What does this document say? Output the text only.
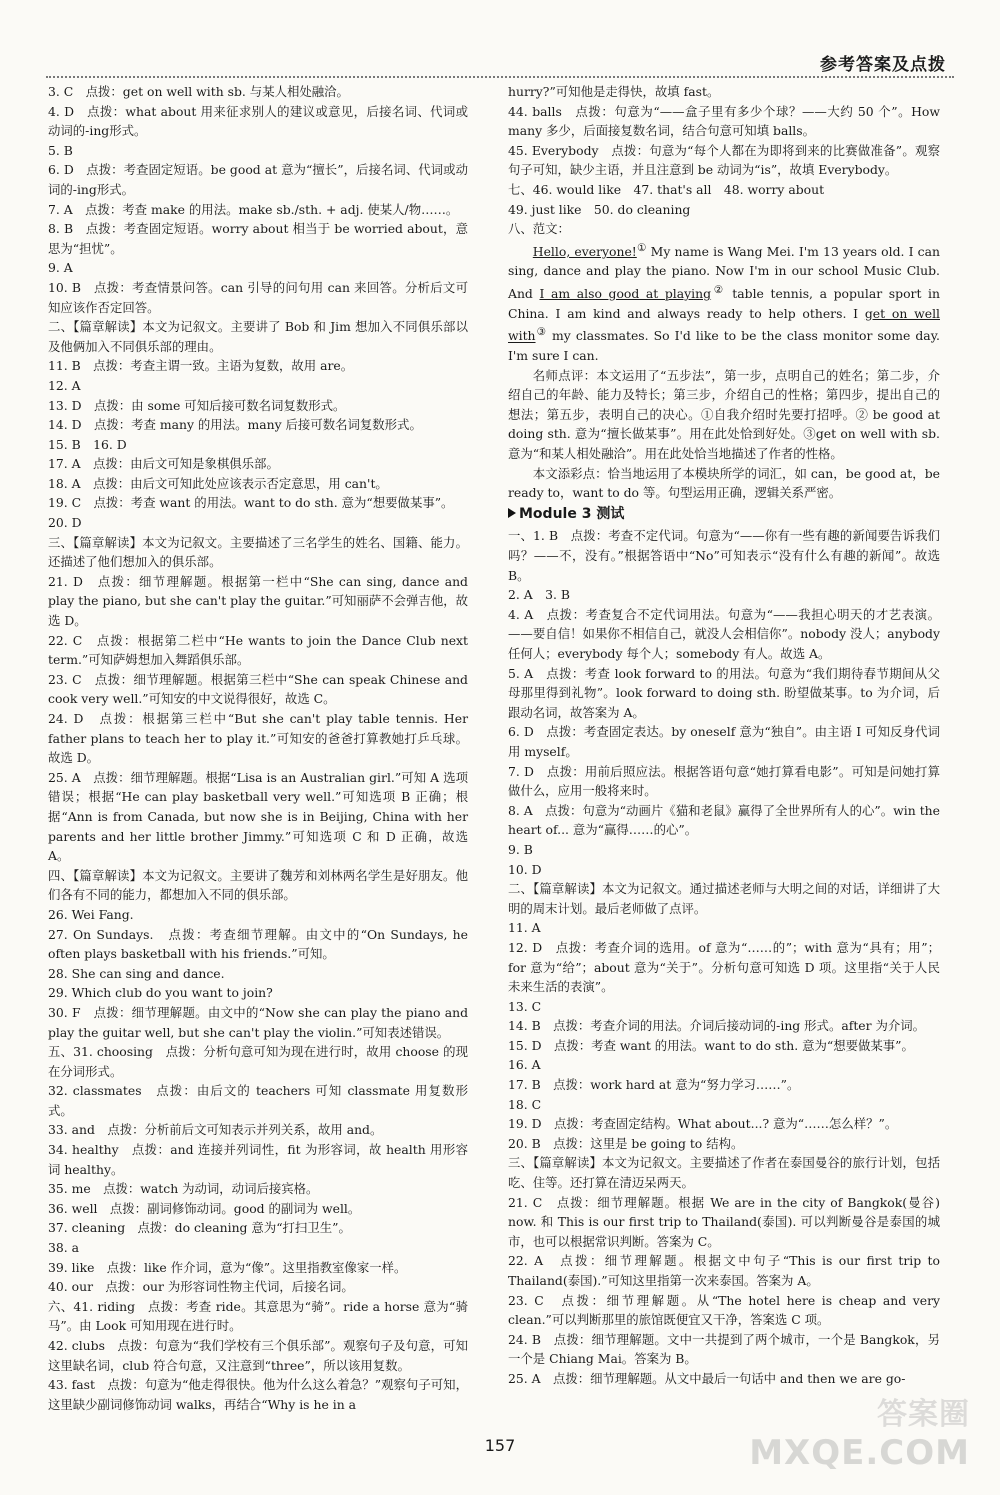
参考答案及点拨

3. C　点拨：get on well with sb. 与某人相处融洽。

4. D　点拨：what about 用来征求别人的建议或意见，后接名词、代词或动词的-ing形式。

5. B

6. D　点拨：考查固定短语。be good at 意为“擅长”，后接名词、代词或动词的-ing形式。

7. A　点拨：考查 make 的用法。make sb./sth. + adj. 使某人/物……。

8. B　点拨：考查固定短语。worry about 相当于 be worried about，意思为“担忧”。

9. A

10. B　点拨：考查情景问答。can 引导的问句用 can 来回答。分析后文可知应该作否定回答。

二、【篇章解读】本文为记叙文。主要讲了 Bob 和 Jim 想加入不同俱乐部以及他俩加入不同俱乐部的理由。

11. B　点拨：考查主谓一致。主语为复数，故用 are。

12. A

13. D　点拨：由 some 可知后接可数名词复数形式。

14. D　点拨：考查 many 的用法。many 后接可数名词复数形式。

15. B　16. D

17. A　点拨：由后文可知是象棋俱乐部。

18. A　点拨：由后文可知此处应该表示否定意思，用 can't。

19. C　点拨：考查 want 的用法。want to do sth. 意为“想要做某事”。

20. D

三、【篇章解读】本文为记叙文。主要描述了三名学生的姓名、国籍、能力。还描述了他们想加入的俱乐部。

21. D　点拨：细节理解题。根据第一栏中“She can sing, dance and play the piano, but she can't play the guitar.”可知丽萨不会弹吉他，故选 D。

22. C　点拨：根据第二栏中“He wants to join the Dance Club next term.”可知萨姆想加入舞蹈俱乐部。

23. C　点拨：细节理解题。根据第三栏中“She can speak Chinese and cook very well.”可知安的中文说得很好，故选 C。

24. D　点拨：根据第三栏中“But she can't play table tennis. Her father plans to teach her to play it.”可知安的爸爸打算教她打乒乓球。故选 D。

25. A　点拨：细节理解题。根据“Lisa is an Australian girl.”可知 A 选项错误；根据“He can play basketball very well.”可知选项 B 正确；根据“Ann is from Canada, but now she is in Beijing, China with her parents and her little brother Jimmy.”可知选项 C 和 D 正确，故选 A。

四、【篇章解读】本文为记叙文。主要讲了魏芳和刘林两名学生是好朋友。他们各有不同的能力，都想加入不同的俱乐部。

26. Wei Fang.

27. On Sundays.　点拨：考查细节理解。由文中的“On Sundays, he often plays basketball with his friends.”可知。

28. She can sing and dance.

29. Which club do you want to join?

30. F　点拨：细节理解题。由文中的“Now she can play the piano and play the guitar well, but she can't play the violin.”可知表述错误。

五、31. choosing　点拨：分析句意可知为现在进行时，故用 choose 的现在分词形式。

32. classmates　点拨：由后文的 teachers 可知 classmate 用复数形式。

33. and　点拨：分析前后文可知表示并列关系，故用 and。

34. healthy　点拨：and 连接并列词性，fit 为形容词，故 health 用形容词 healthy。

35. me　点拨：watch 为动词，动词后接宾格。

36. well　点拨：副词修饰动词。good 的副词为 well。

37. cleaning　点拨：do cleaning 意为“打扫卫生”。

38. a

39. like　点拨：like 作介词，意为“像”。这里指教室像家一样。

40. our　点拨：our 为形容词性物主代词，后接名词。

六、41. riding　点拨：考查 ride。其意思为“骑”。ride a horse 意为“骑马”。由 Look 可知用现在进行时。

42. clubs　点拨：句意为“我们学校有三个俱乐部”。观察句子及句意，可知这里缺名词，club 符合句意，又注意到“three”，所以该用复数。

43. fast　点拨：句意为“他走得很快。他为什么这么着急？”观察句子可知，这里缺少副词修饰动词 walks，再结合“Why is he in a

hurry?”可知他是走得快，故填 fast。

44. balls　点拨：句意为“——盒子里有多少个球？——大约 50 个”。How many 多少，后面接复数名词，结合句意可知填 balls。

45. Everybody　点拨：句意为“每个人都在为即将到来的比赛做准备”。观察句子可知，缺少主语，并且注意到 be 动词为“is”，故填 Everybody。

七、46. would like　47. that's all　48. worry about

49. just like　50. do cleaning

八、范文：

Hello, everyone!① My name is Wang Mei. I'm 13 years old. I can sing, dance and play the piano. Now I'm in our school Music Club. And I am also good at playing② table tennis, a popular sport in China. I am kind and always ready to help others. I get on well with③ my classmates. So I'd like to be the class monitor some day. I'm sure I can.

名师点评：本文运用了“五步法”，第一步，点明自己的姓名；第二步，介绍自己的年龄、能力及特长；第三步，介绍自己的性格；第四步，提出自己的想法；第五步，表明自己的决心。①自我介绍时先要打招呼。② be good at doing sth. 意为“擅长做某事”。用在此处恰到好处。③get on well with sb. 意为“和某人相处融洽”。用在此处恰当地描述了作者的性格。

本文添彩点：恰当地运用了本模块所学的词汇，如 can，be good at，be ready to，want to do 等。句型运用正确，逻辑关系严密。

Module 3 测试

一、1. B　点拨：考查不定代词。句意为“——你有一些有趣的新闻要告诉我们吗？——不，没有。”根据答语中“No”可知表示“没有什么有趣的新闻”。故选 B。

2. A　3. B

4. A　点拨：考查复合不定代词用法。句意为“——我担心明天的才艺表演。——要自信！如果你不相信自己，就没人会相信你”。nobody 没人；anybody 任何人；everybody 每个人；somebody 有人。故选 A。

5. A　点拨：考查 look forward to 的用法。句意为“我们期待春节期间从父母那里得到礼物”。look forward to doing sth. 盼望做某事。to 为介词，后跟动名词，故答案为 A。

6. D　点拨：考查固定表达。by oneself 意为“独自”。由主语 I 可知反身代词用 myself。

7. D　点拨：用前后照应法。根据答语句意“她打算看电影”。可知是问她打算做什么，应用一般将来时。

8. A　点拨：句意为“动画片《猫和老鼠》赢得了全世界所有人的心”。win the heart of... 意为“赢得……的心”。

9. B

10. D

二、【篇章解读】本文为记叙文。通过描述老师与大明之间的对话，详细讲了大明的周末计划。最后老师做了点评。

11. A

12. D　点拨：考查介词的选用。of 意为“……的”；with 意为“具有；用”；for 意为“给”；about 意为“关于”。分析句意可知选 D 项。这里指“关于人民未来生活的表演”。

13. C

14. B　点拨：考查介词的用法。介词后接动词的-ing 形式。after 为介词。

15. D　点拨：考查 want 的用法。want to do sth. 意为“想要做某事”。

16. A

17. B　点拨：work hard at 意为“努力学习……”。

18. C

19. D　点拨：考查固定结构。What about...? 意为“……怎么样？”。

20. B　点拨：这里是 be going to 结构。

三、【篇章解读】本文为记叙文。主要描述了作者在泰国曼谷的旅行计划，包括吃、住等。还打算在清迈呆两天。

21. C　点拨：细节理解题。根据 We are in the city of Bangkok(曼谷) now. 和 This is our first trip to Thailand(泰国). 可以判断曼谷是泰国的城市，也可以根据常识判断。答案为 C。

22. A　点拨：细节理解题。根据文中句子“This is our first trip to Thailand(泰国).”可知这里指第一次来泰国。答案为 A。

23. C　点拨：细节理解题。从“The hotel here is cheap and very clean.”可以判断那里的旅馆既便宜又干净，答案选 C 项。

24. B　点拨：细节理解题。文中一共提到了两个城市，一个是 Bangkok，另一个是 Chiang Mai。答案为 B。

25. A　点拨：细节理解题。从文中最后一句话中 and then we are go-

157
答案圈
MXQE.COM
